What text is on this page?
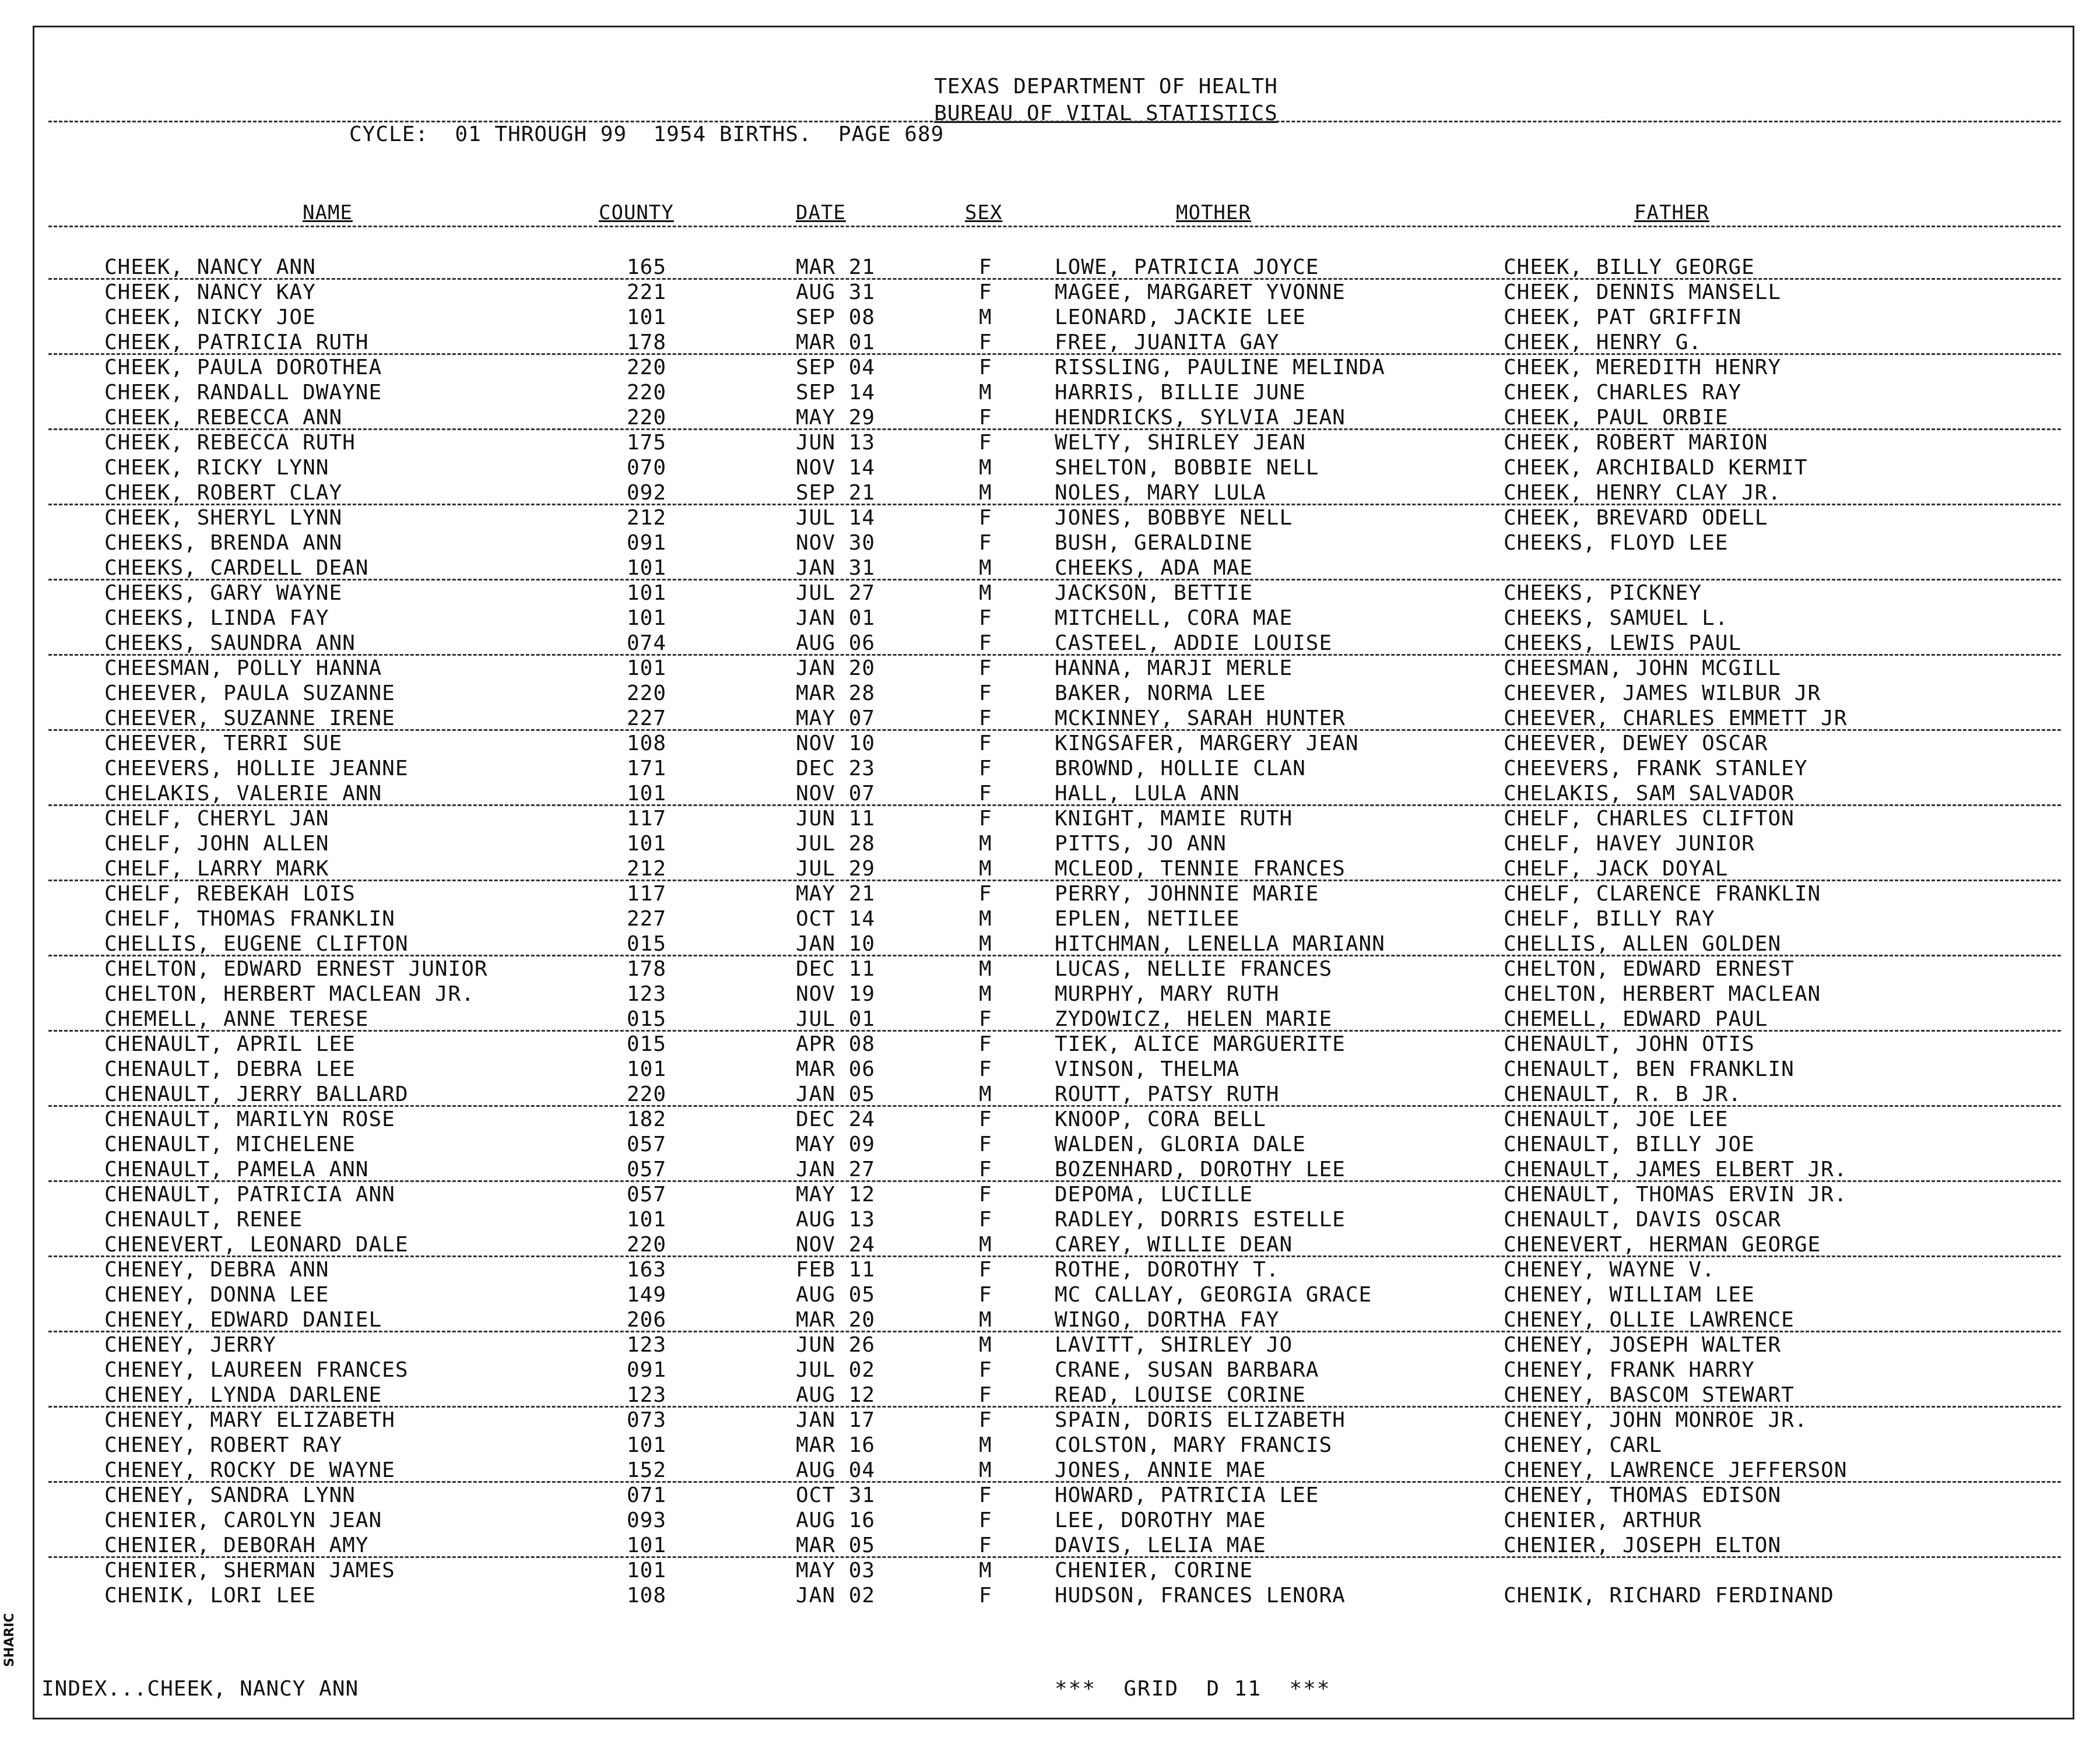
TEXAS DEPARTMENT OF HEALTH
BUREAU OF VITAL STATISTICS
CYCLE:  01 THROUGH 99  1954 BIRTHS.  PAGE 689
NAME	COUNTY	DATE	SEX	MOTHER	FATHER
CHEEK, NANCY ANN	165	MAR 21	F	LOWE, PATRICIA JOYCE	CHEEK, BILLY GEORGE
CHEEK, NANCY KAY	221	AUG 31	F	MAGEE, MARGARET YVONNE	CHEEK, DENNIS MANSELL
CHEEK, NICKY JOE	101	SEP 08	M	LEONARD, JACKIE LEE	CHEEK, PAT GRIFFIN
CHEEK, PATRICIA RUTH	178	MAR 01	F	FREE, JUANITA GAY	CHEEK, HENRY G.
CHEEK, PAULA DOROTHEA	220	SEP 04	F	RISSLING, PAULINE MELINDA	CHEEK, MEREDITH HENRY
CHEEK, RANDALL DWAYNE	220	SEP 14	M	HARRIS, BILLIE JUNE	CHEEK, CHARLES RAY
CHEEK, REBECCA ANN	220	MAY 29	F	HENDRICKS, SYLVIA JEAN	CHEEK, PAUL ORBIE
CHEEK, REBECCA RUTH	175	JUN 13	F	WELTY, SHIRLEY JEAN	CHEEK, ROBERT MARION
CHEEK, RICKY LYNN	070	NOV 14	M	SHELTON, BOBBIE NELL	CHEEK, ARCHIBALD KERMIT
CHEEK, ROBERT CLAY	092	SEP 21	M	NOLES, MARY LULA	CHEEK, HENRY CLAY JR.
CHEEK, SHERYL LYNN	212	JUL 14	F	JONES, BOBBYE NELL	CHEEK, BREVARD ODELL
CHEEKS, BRENDA ANN	091	NOV 30	F	BUSH, GERALDINE	CHEEKS, FLOYD LEE
CHEEKS, CARDELL DEAN	101	JAN 31	M	CHEEKS, ADA MAE
CHEEKS, GARY WAYNE	101	JUL 27	M	JACKSON, BETTIE	CHEEKS, PICKNEY
CHEEKS, LINDA FAY	101	JAN 01	F	MITCHELL, CORA MAE	CHEEKS, SAMUEL L.
CHEEKS, SAUNDRA ANN	074	AUG 06	F	CASTEEL, ADDIE LOUISE	CHEEKS, LEWIS PAUL
CHEESMAN, POLLY HANNA	101	JAN 20	F	HANNA, MARJI MERLE	CHEESMAN, JOHN MCGILL
CHEEVER, PAULA SUZANNE	220	MAR 28	F	BAKER, NORMA LEE	CHEEVER, JAMES WILBUR JR
CHEEVER, SUZANNE IRENE	227	MAY 07	F	MCKINNEY, SARAH HUNTER	CHEEVER, CHARLES EMMETT JR
CHEEVER, TERRI SUE	108	NOV 10	F	KINGSAFER, MARGERY JEAN	CHEEVER, DEWEY OSCAR
CHEEVERS, HOLLIE JEANNE	171	DEC 23	F	BROWND, HOLLIE CLAN	CHEEVERS, FRANK STANLEY
CHELAKIS, VALERIE ANN	101	NOV 07	F	HALL, LULA ANN	CHELAKIS, SAM SALVADOR
CHELF, CHERYL JAN	117	JUN 11	F	KNIGHT, MAMIE RUTH	CHELF, CHARLES CLIFTON
CHELF, JOHN ALLEN	101	JUL 28	M	PITTS, JO ANN	CHELF, HAVEY JUNIOR
CHELF, LARRY MARK	212	JUL 29	M	MCLEOD, TENNIE FRANCES	CHELF, JACK DOYAL
CHELF, REBEKAH LOIS	117	MAY 21	F	PERRY, JOHNNIE MARIE	CHELF, CLARENCE FRANKLIN
CHELF, THOMAS FRANKLIN	227	OCT 14	M	EPLEN, NETILEE	CHELF, BILLY RAY
CHELLIS, EUGENE CLIFTON	015	JAN 10	M	HITCHMAN, LENELLA MARIANN	CHELLIS, ALLEN GOLDEN
CHELTON, EDWARD ERNEST JUNIOR	178	DEC 11	M	LUCAS, NELLIE FRANCES	CHELTON, EDWARD ERNEST
CHELTON, HERBERT MACLEAN JR.	123	NOV 19	M	MURPHY, MARY RUTH	CHELTON, HERBERT MACLEAN
CHEMELL, ANNE TERESE	015	JUL 01	F	ZYDOWICZ, HELEN MARIE	CHEMELL, EDWARD PAUL
CHENAULT, APRIL LEE	015	APR 08	F	TIEK, ALICE MARGUERITE	CHENAULT, JOHN OTIS
CHENAULT, DEBRA LEE	101	MAR 06	F	VINSON, THELMA	CHENAULT, BEN FRANKLIN
CHENAULT, JERRY BALLARD	220	JAN 05	M	ROUTT, PATSY RUTH	CHENAULT, R. B JR.
CHENAULT, MARILYN ROSE	182	DEC 24	F	KNOOP, CORA BELL	CHENAULT, JOE LEE
CHENAULT, MICHELENE	057	MAY 09	F	WALDEN, GLORIA DALE	CHENAULT, BILLY JOE
CHENAULT, PAMELA ANN	057	JAN 27	F	BOZENHARD, DOROTHY LEE	CHENAULT, JAMES ELBERT JR.
CHENAULT, PATRICIA ANN	057	MAY 12	F	DEPOMA, LUCILLE	CHENAULT, THOMAS ERVIN JR.
CHENAULT, RENEE	101	AUG 13	F	RADLEY, DORRIS ESTELLE	CHENAULT, DAVIS OSCAR
CHENEVERT, LEONARD DALE	220	NOV 24	M	CAREY, WILLIE DEAN	CHENEVERT, HERMAN GEORGE
CHENEY, DEBRA ANN	163	FEB 11	F	ROTHE, DOROTHY T.	CHENEY, WAYNE V.
CHENEY, DONNA LEE	149	AUG 05	F	MC CALLAY, GEORGIA GRACE	CHENEY, WILLIAM LEE
CHENEY, EDWARD DANIEL	206	MAR 20	M	WINGO, DORTHA FAY	CHENEY, OLLIE LAWRENCE
CHENEY, JERRY	123	JUN 26	M	LAVITT, SHIRLEY JO	CHENEY, JOSEPH WALTER
CHENEY, LAUREEN FRANCES	091	JUL 02	F	CRANE, SUSAN BARBARA	CHENEY, FRANK HARRY
CHENEY, LYNDA DARLENE	123	AUG 12	F	READ, LOUISE CORINE	CHENEY, BASCOM STEWART
CHENEY, MARY ELIZABETH	073	JAN 17	F	SPAIN, DORIS ELIZABETH	CHENEY, JOHN MONROE JR.
CHENEY, ROBERT RAY	101	MAR 16	M	COLSTON, MARY FRANCIS	CHENEY, CARL
CHENEY, ROCKY DE WAYNE	152	AUG 04	M	JONES, ANNIE MAE	CHENEY, LAWRENCE JEFFERSON
CHENEY, SANDRA LYNN	071	OCT 31	F	HOWARD, PATRICIA LEE	CHENEY, THOMAS EDISON
CHENIER, CAROLYN JEAN	093	AUG 16	F	LEE, DOROTHY MAE	CHENIER, ARTHUR
CHENIER, DEBORAH AMY	101	MAR 05	F	DAVIS, LELIA MAE	CHENIER, JOSEPH ELTON
CHENIER, SHERMAN JAMES	101	MAY 03	M	CHENIER, CORINE
CHENIK, LORI LEE	108	JAN 02	F	HUDSON, FRANCES LENORA	CHENIK, RICHARD FERDINAND
INDEX...CHEEK, NANCY ANN	***  GRID  D 11  ***
SHARIC
